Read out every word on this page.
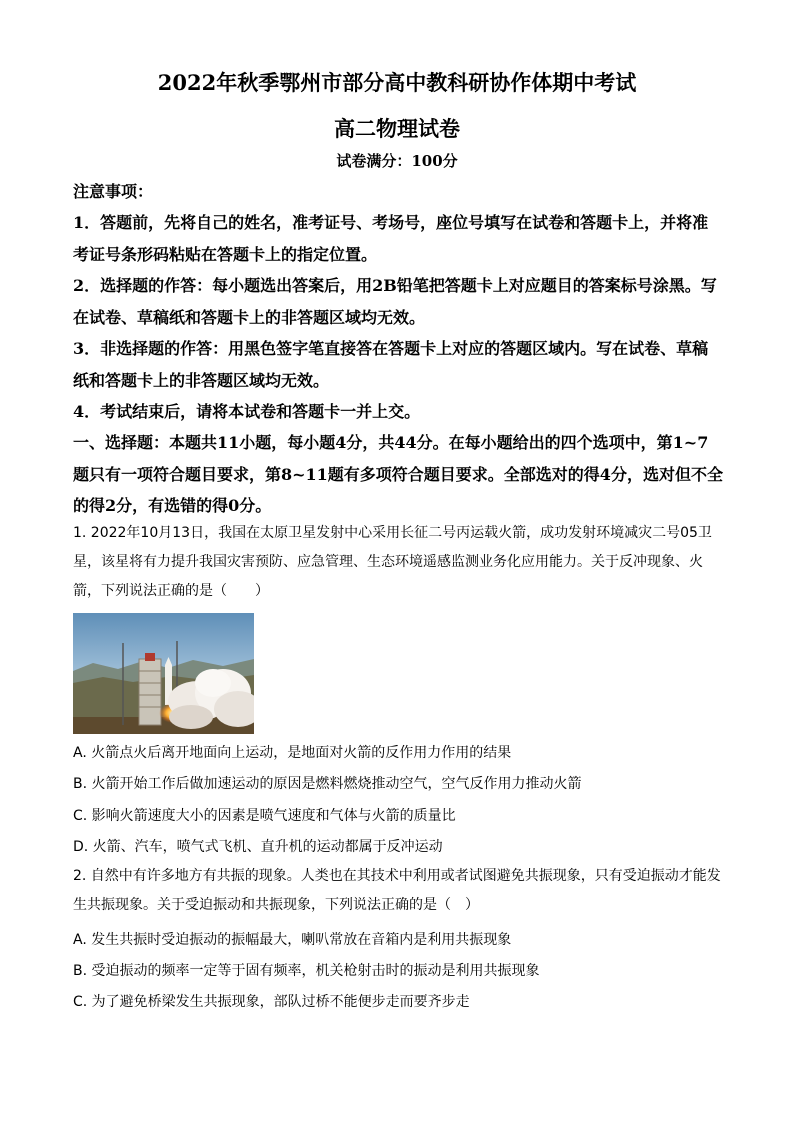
2022年秋季鄂州市部分高中教科研协作体期中考试
高二物理试卷
试卷满分：100分
注意事项：

1．答题前，先将自己的姓名，准考证号、考场号，座位号填写在试卷和答题卡上，并将准考证号条形码粘贴在答题卡上的指定位置。

2．选择题的作答：每小题选出答案后，用2B铅笔把答题卡上对应题目的答案标号涂黑。写在试卷、草稿纸和答题卡上的非答题区域均无效。

3．非选择题的作答：用黑色签字笔直接答在答题卡上对应的答题区域内。写在试卷、草稿纸和答题卡上的非答题区域均无效。

4．考试结束后，请将本试卷和答题卡一并上交。

一、选择题：本题共11小题，每小题4分，共44分。在每小题给出的四个选项中，第1~7题只有一项符合题目要求，第8~11题有多项符合题目要求。全部选对的得4分，选对但不全的得2分，有选错的得0分。

1. 2022年10月13日，我国在太原卫星发射中心采用长征二号丙运载火箭，成功发射环境减灾二号05卫星，该星将有力提升我国灾害预防、应急管理、生态环境遥感监测业务化应用能力。关于反冲现象、火箭，下列说法正确的是（　　）
A. 火箭点火后离开地面向上运动，是地面对火箭的反作用力作用的结果
B. 火箭开始工作后做加速运动的原因是燃料燃烧推动空气，空气反作用力推动火箭
C. 影响火箭速度大小的因素是喷气速度和气体与火箭的质量比
D. 火箭、汽车，喷气式飞机、直升机的运动都属于反冲运动
2. 自然中有许多地方有共振的现象。人类也在其技术中利用或者试图避免共振现象，只有受迫振动才能发生共振现象。关于受迫振动和共振现象，下列说法正确的是（　）
A. 发生共振时受迫振动的振幅最大，喇叭常放在音箱内是利用共振现象
B. 受迫振动的频率一定等于固有频率，机关枪射击时的振动是利用共振现象
C. 为了避免桥梁发生共振现象，部队过桥不能便步走而要齐步走
